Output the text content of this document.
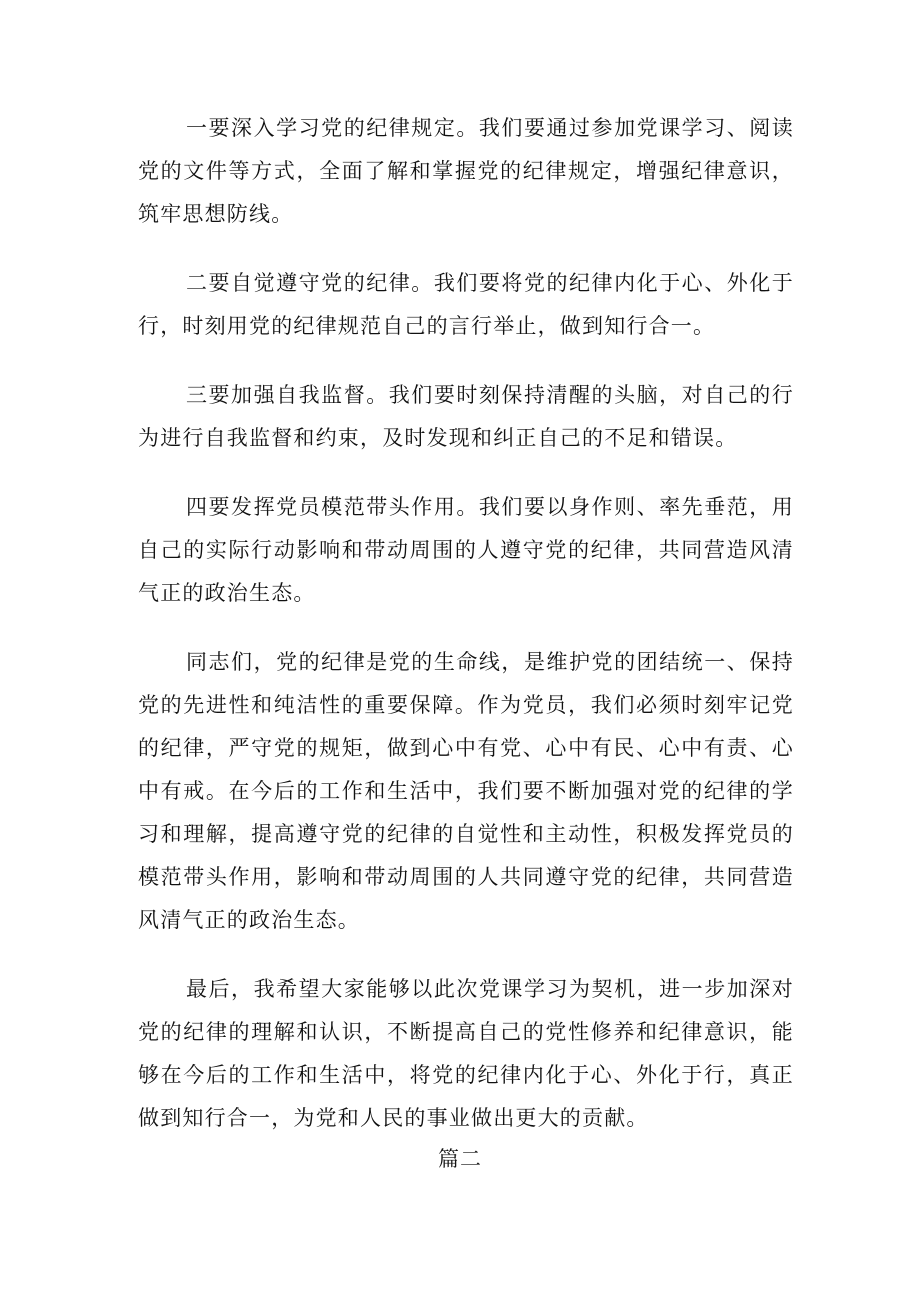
一要深入学习党的纪律规定。我们要通过参加党课学习、阅读党的文件等方式，全面了解和掌握党的纪律规定，增强纪律意识，筑牢思想防线。

二要自觉遵守党的纪律。我们要将党的纪律内化于心、外化于行，时刻用党的纪律规范自己的言行举止，做到知行合一。

三要加强自我监督。我们要时刻保持清醒的头脑，对自己的行为进行自我监督和约束，及时发现和纠正自己的不足和错误。

四要发挥党员模范带头作用。我们要以身作则、率先垂范，用自己的实际行动影响和带动周围的人遵守党的纪律，共同营造风清气正的政治生态。

同志们，党的纪律是党的生命线，是维护党的团结统一、保持党的先进性和纯洁性的重要保障。作为党员，我们必须时刻牢记党的纪律，严守党的规矩，做到心中有党、心中有民、心中有责、心中有戒。在今后的工作和生活中，我们要不断加强对党的纪律的学习和理解，提高遵守党的纪律的自觉性和主动性，积极发挥党员的模范带头作用，影响和带动周围的人共同遵守党的纪律，共同营造风清气正的政治生态。

最后，我希望大家能够以此次党课学习为契机，进一步加深对党的纪律的理解和认识，不断提高自己的党性修养和纪律意识，能够在今后的工作和生活中，将党的纪律内化于心、外化于行，真正做到知行合一，为党和人民的事业做出更大的贡献。

篇二
